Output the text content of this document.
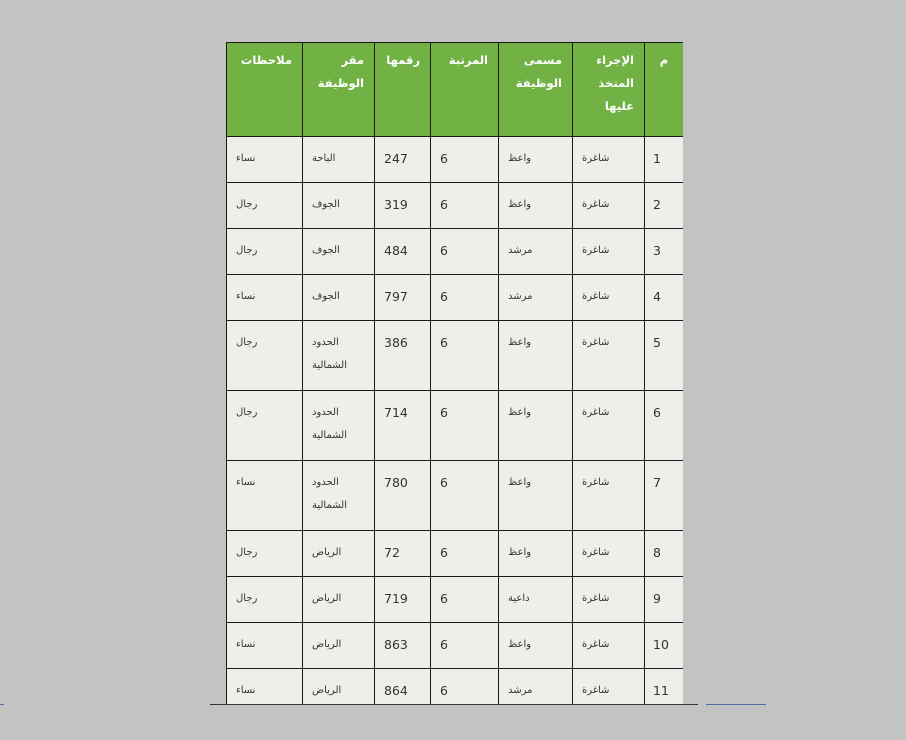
م	الإجراء المتخذ عليها	مسمى الوظيفة	المرتبة	رقمها	مقر الوظيفة	ملاحظات
1	شاغرة	واعظ	6	247	الباحة	نساء
2	شاغرة	واعظ	6	319	الجوف	رجال
3	شاغرة	مرشد	6	484	الجوف	رجال
4	شاغرة	مرشد	6	797	الجوف	نساء
5	شاغرة	واعظ	6	386	الحدود الشمالية	رجال
6	شاغرة	واعظ	6	714	الحدود الشمالية	رجال
7	شاغرة	واعظ	6	780	الحدود الشمالية	نساء
8	شاغرة	واعظ	6	72	الرياض	رجال
9	شاغرة	داعية	6	719	الرياض	رجال
10	شاغرة	واعظ	6	863	الرياض	نساء
11	شاغرة	مرشد	6	864	الرياض	نساء
